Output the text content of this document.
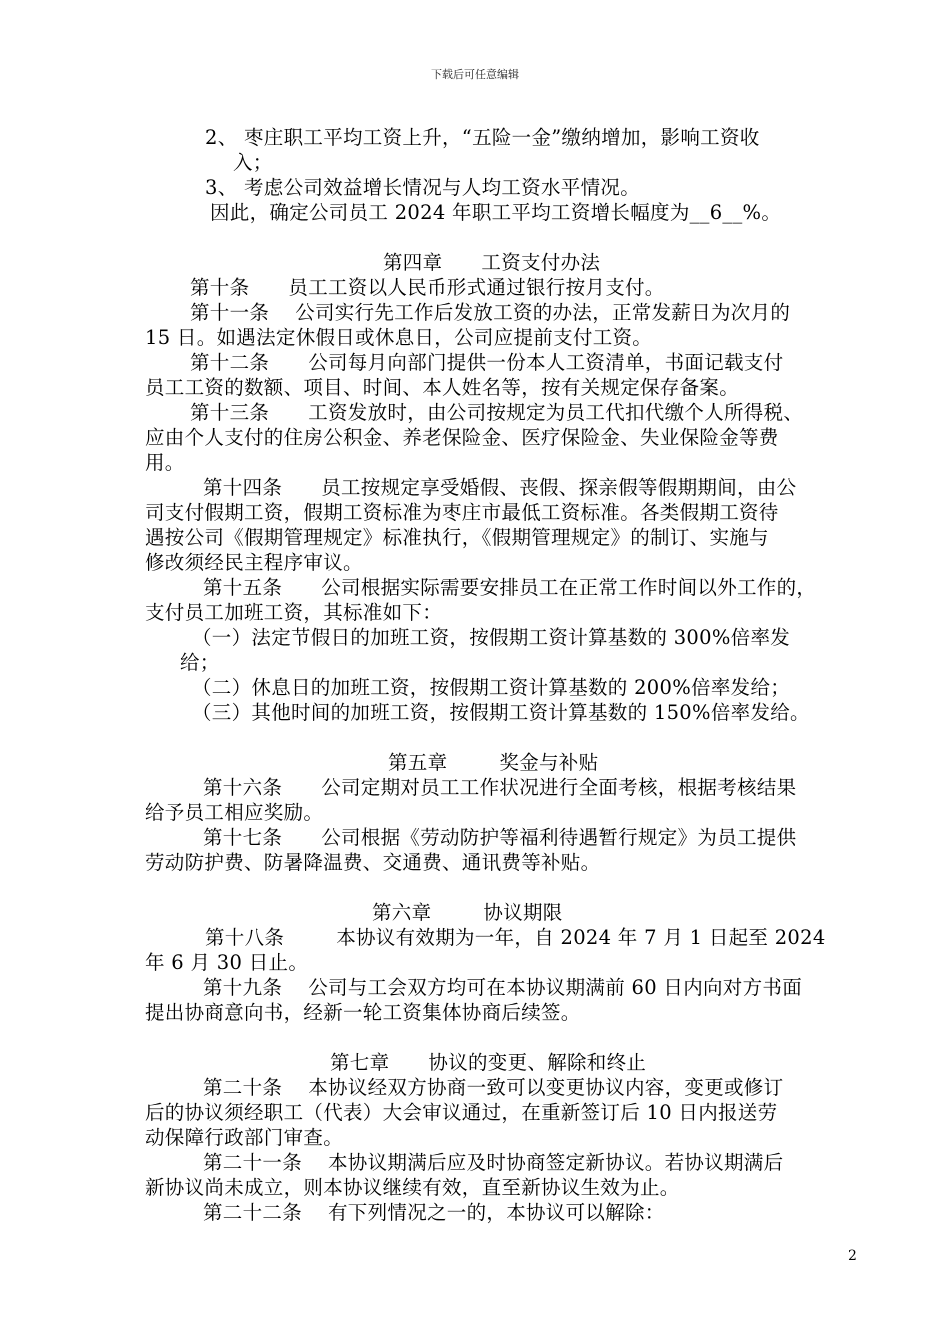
下载后可任意编辑
2、 枣庄职工平均工资上升，“五险一金”缴纳增加，影响工资收
入；
3、 考虑公司效益增长情况与人均工资水平情况。
因此，确定公司员工 2024 年职工平均工资增长幅度为__6__%。
第四章      工资支付办法
第十条      员工工资以人民币形式通过银行按月支付。
第十一条    公司实行先工作后发放工资的办法，正常发薪日为次月的
15 日。如遇法定休假日或休息日，公司应提前支付工资。
第十二条      公司每月向部门提供一份本人工资清单，书面记载支付
员工工资的数额、项目、时间、本人姓名等，按有关规定保存备案。
第十三条      工资发放时，由公司按规定为员工代扣代缴个人所得税、
应由个人支付的住房公积金、养老保险金、医疗保险金、失业保险金等费
用。
第十四条      员工按规定享受婚假、丧假、探亲假等假期期间，由公
司支付假期工资，假期工资标准为枣庄市最低工资标准。各类假期工资待
遇按公司《假期管理规定》标准执行，《假期管理规定》的制订、实施与
修改须经民主程序审议。
第十五条      公司根据实际需要安排员工在正常工作时间以外工作的，
支付员工加班工资，其标准如下：
（一）法定节假日的加班工资，按假期工资计算基数的 300%倍率发
给；
（二）休息日的加班工资，按假期工资计算基数的 200%倍率发给；
（三）其他时间的加班工资，按假期工资计算基数的 150%倍率发给。
第五章        奖金与补贴
第十六条      公司定期对员工工作状况进行全面考核，根据考核结果
给予员工相应奖励。
第十七条      公司根据《劳动防护等福利待遇暂行规定》为员工提供
劳动防护费、防暑降温费、交通费、通讯费等补贴。
第六章        协议期限
第十八条        本协议有效期为一年，自 2024 年 7 月 1 日起至 2024
年 6 月 30 日止。
第十九条    公司与工会双方均可在本协议期满前 60 日内向对方书面
提出协商意向书，经新一轮工资集体协商后续签。
第七章      协议的变更、解除和终止
第二十条    本协议经双方协商一致可以变更协议内容，变更或修订
后的协议须经职工（代表）大会审议通过，在重新签订后 10 日内报送劳
动保障行政部门审查。
第二十一条    本协议期满后应及时协商签定新协议。若协议期满后
新协议尚未成立，则本协议继续有效，直至新协议生效为止。
第二十二条    有下列情况之一的，本协议可以解除：
2
